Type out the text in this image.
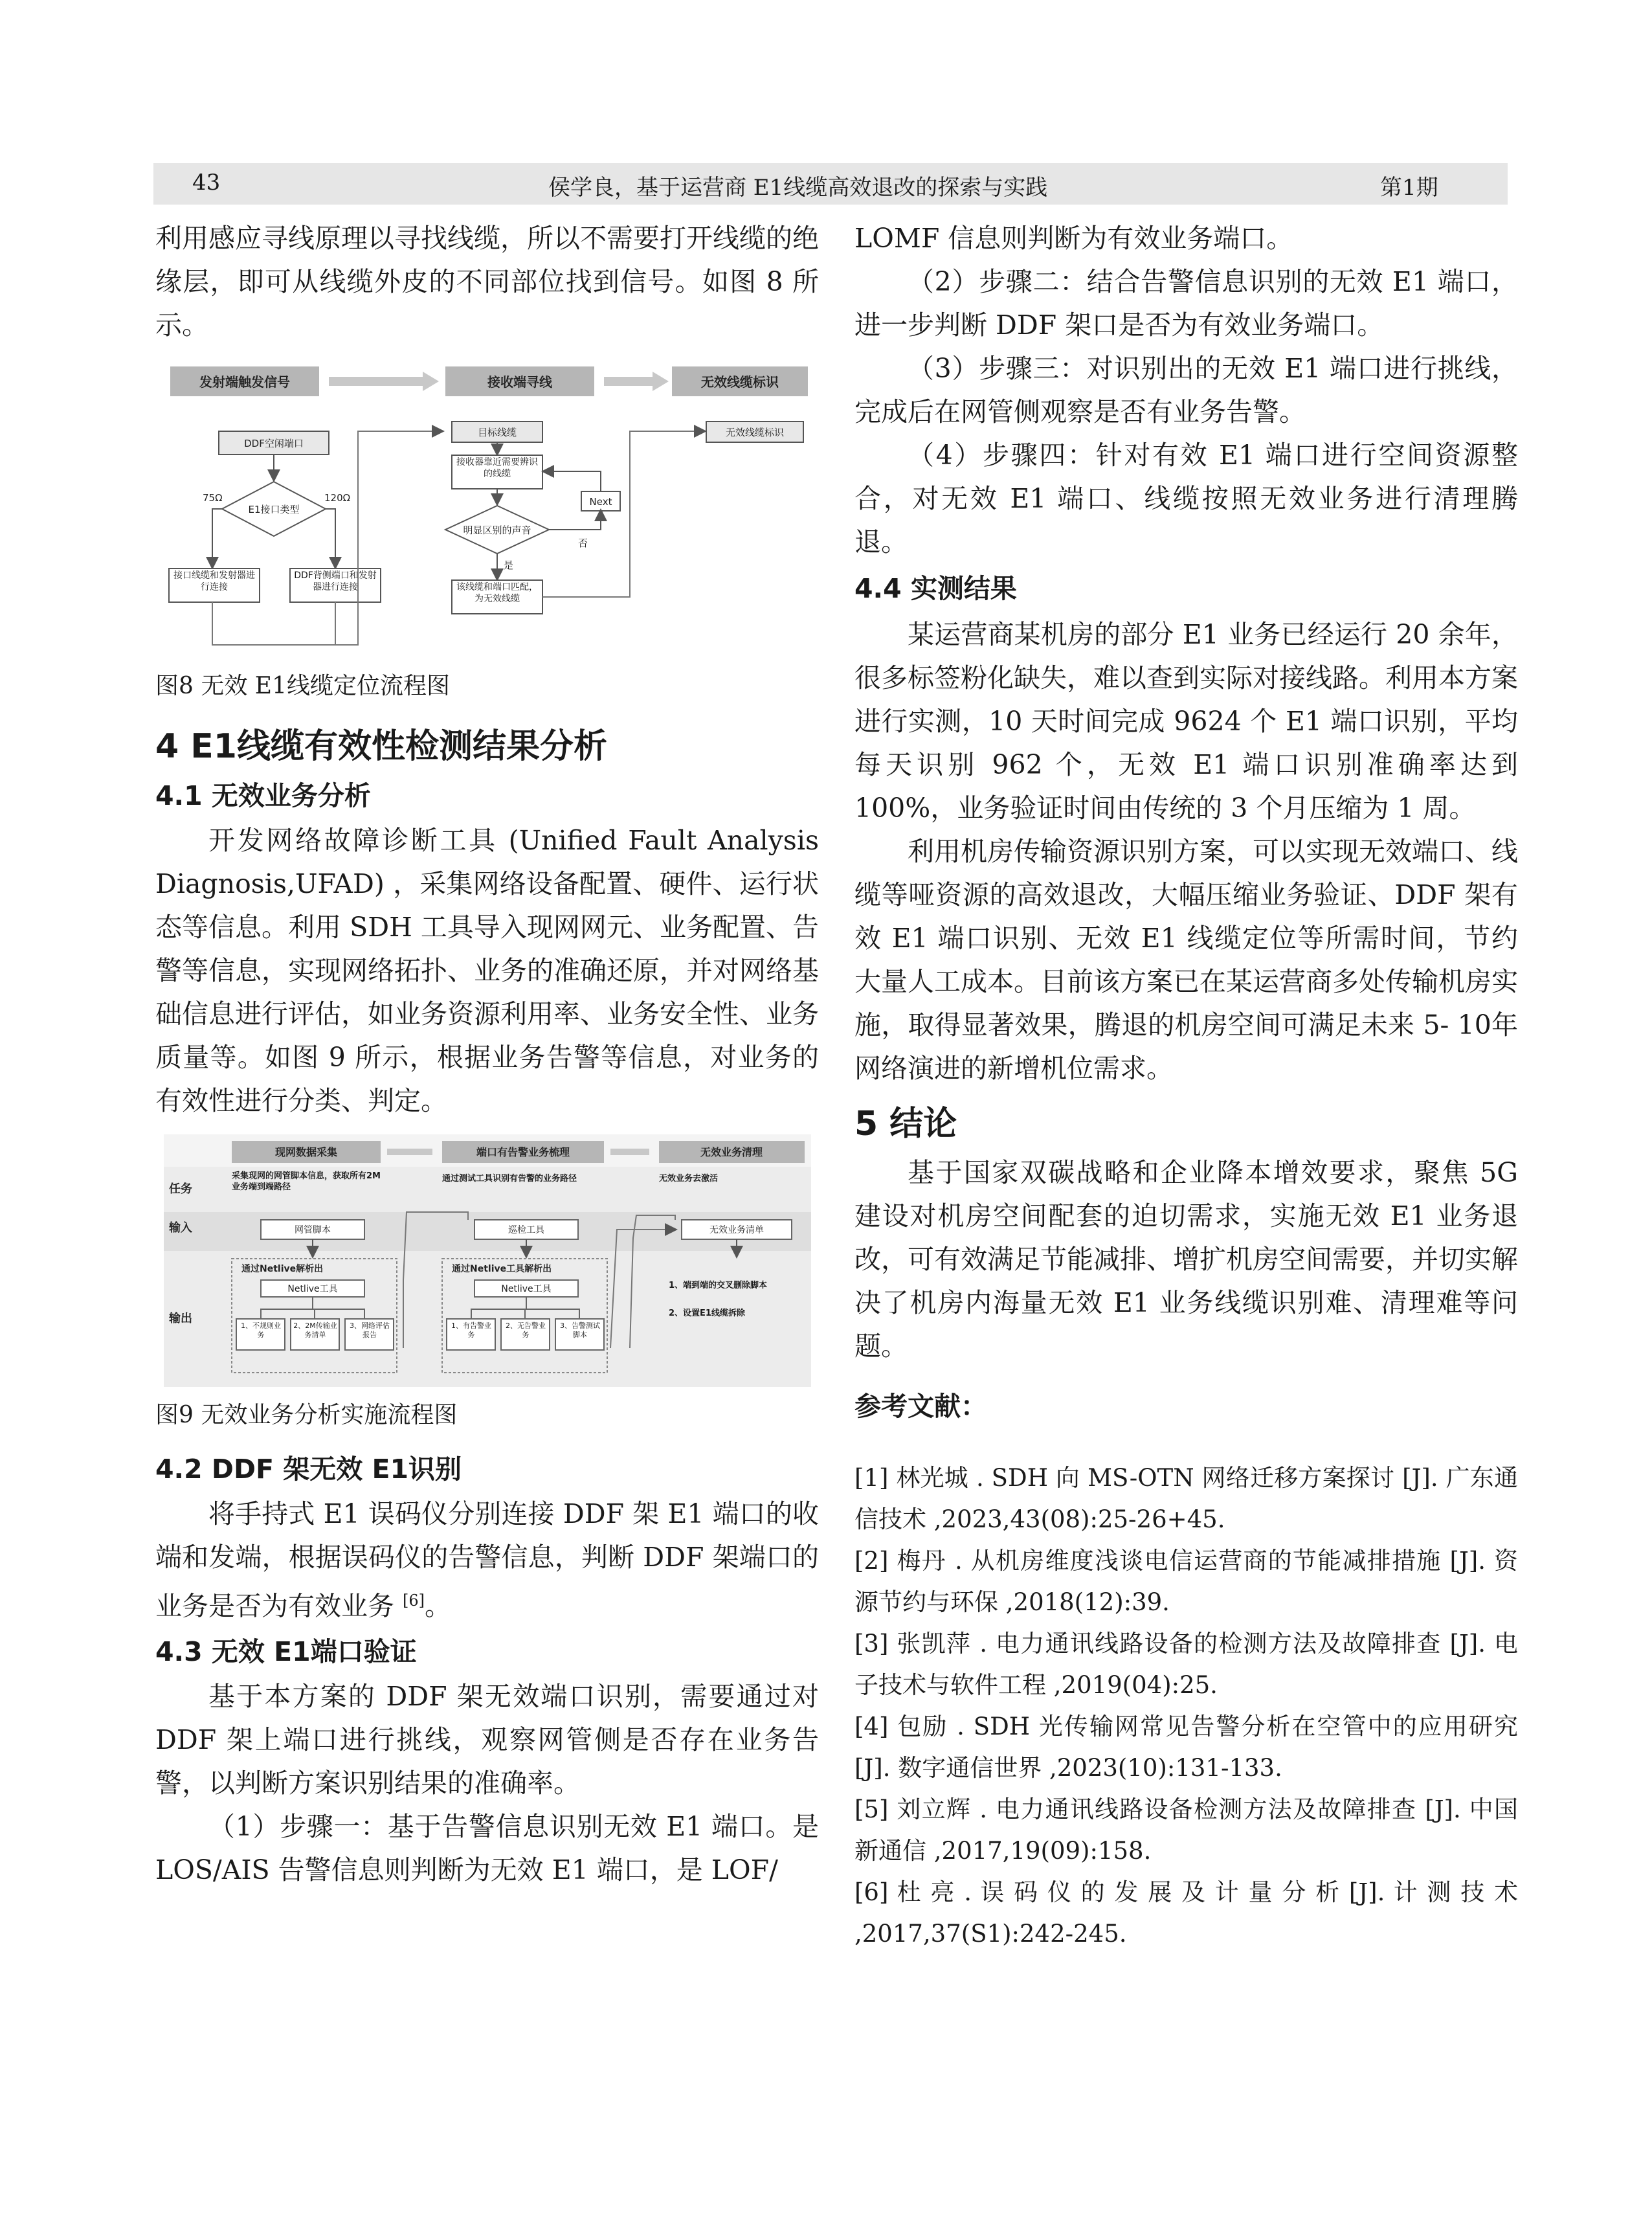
43	侯学良，基于运营商 E1线缆高效退改的探索与实践	第1期

利用感应寻线原理以寻找线缆，所以不需要打开线缆的绝缘层，即可从线缆外皮的不同部位找到信号。如图 8 所示。

发射端触发信号	接收端寻线	无效线缆标识
DDF空闲端口
E1接口类型
75Ω	120Ω
接口线缆和发射器进行连接
DDF背侧端口和发射器进行连接
目标线缆
接收器靠近需要辨识的线缆
明显区别的声音
Next
否
是
该线缆和端口匹配，为无效线缆
无效线缆标识

图8 无效 E1线缆定位流程图

4 E1线缆有效性检测结果分析

4.1 无效业务分析

开发网络故障诊断工具 (Unified Fault Analysis Diagnosis,UFAD) ，采集网络设备配置、硬件、运行状态等信息。利用 SDH 工具导入现网网元、业务配置、告警等信息，实现网络拓扑、业务的准确还原，并对网络基础信息进行评估，如业务资源利用率、业务安全性、业务质量等。如图 9 所示，根据业务告警等信息，对业务的有效性进行分类、判定。

任务
输入
输出
现网数据采集	端口有告警业务梳理	无效业务清理
采集现网的网管脚本信息，获取所有2M业务端到端路径
通过测试工具识别有告警的业务路径	无效业务去激活
网管脚本	巡检工具	无效业务清单
通过Netlive解析出
Netlive工具
通过Netlive工具解析出
Netlive工具
1、不规则业务
2、2M传输业务清单
3、网络评估报告
1、有告警业务
2、无告警业务
3、告警测试脚本
1、端到端的交叉删除脚本
2、设置E1线缆拆除

图9 无效业务分析实施流程图

4.2 DDF 架无效 E1识别

将手持式 E1 误码仪分别连接 DDF 架 E1 端口的收端和发端，根据误码仪的告警信息，判断 DDF 架端口的业务是否为有效业务 [6]。

4.3 无效 E1端口验证

基于本方案的 DDF 架无效端口识别，需要通过对 DDF 架上端口进行挑线，观察网管侧是否存在业务告警，以判断方案识别结果的准确率。

（1）步骤一：基于告警信息识别无效 E1 端口。是 LOS/AIS 告警信息则判断为无效 E1 端口，是 LOF/

LOMF 信息则判断为有效业务端口。

（2）步骤二：结合告警信息识别的无效 E1 端口，进一步判断 DDF 架口是否为有效业务端口。

（3）步骤三：对识别出的无效 E1 端口进行挑线，完成后在网管侧观察是否有业务告警。

（4）步骤四：针对有效 E1 端口进行空间资源整合，对无效 E1 端口、线缆按照无效业务进行清理腾退。

4.4 实测结果

某运营商某机房的部分 E1 业务已经运行 20 余年，很多标签粉化缺失，难以查到实际对接线路。利用本方案进行实测，10 天时间完成 9624 个 E1 端口识别，平均每天识别 962 个，无效 E1 端口识别准确率达到 100%，业务验证时间由传统的 3 个月压缩为 1 周。

利用机房传输资源识别方案，可以实现无效端口、线缆等哑资源的高效退改，大幅压缩业务验证、DDF 架有效 E1 端口识别、无效 E1 线缆定位等所需时间，节约大量人工成本。目前该方案已在某运营商多处传输机房实施，取得显著效果，腾退的机房空间可满足未来 5- 10年网络演进的新增机位需求。

5 结论

基于国家双碳战略和企业降本增效要求，聚焦 5G 建设对机房空间配套的迫切需求，实施无效 E1 业务退改，可有效满足节能减排、增扩机房空间需要，并切实解决了机房内海量无效 E1 业务线缆识别难、清理难等问题。

参考文献：

[1] 林光城 . SDH 向 MS-OTN 网络迁移方案探讨 [J]. 广东通信技术 ,2023,43(08):25-26+45.

[2] 梅丹 . 从机房维度浅谈电信运营商的节能减排措施 [J]. 资源节约与环保 ,2018(12):39.

[3] 张凯萍 . 电力通讯线路设备的检测方法及故障排查 [J]. 电子技术与软件工程 ,2019(04):25.

[4] 包励 . SDH 光传输网常见告警分析在空管中的应用研究 [J]. 数字通信世界 ,2023(10):131-133.

[5] 刘立辉 . 电力通讯线路设备检测方法及故障排查 [J]. 中国新通信 ,2017,19(09):158.

[6] 杜 亮 . 误 码 仪 的 发 展 及 计 量 分 析 [J]. 计 测 技 术 ,2017,37(S1):242-245.
